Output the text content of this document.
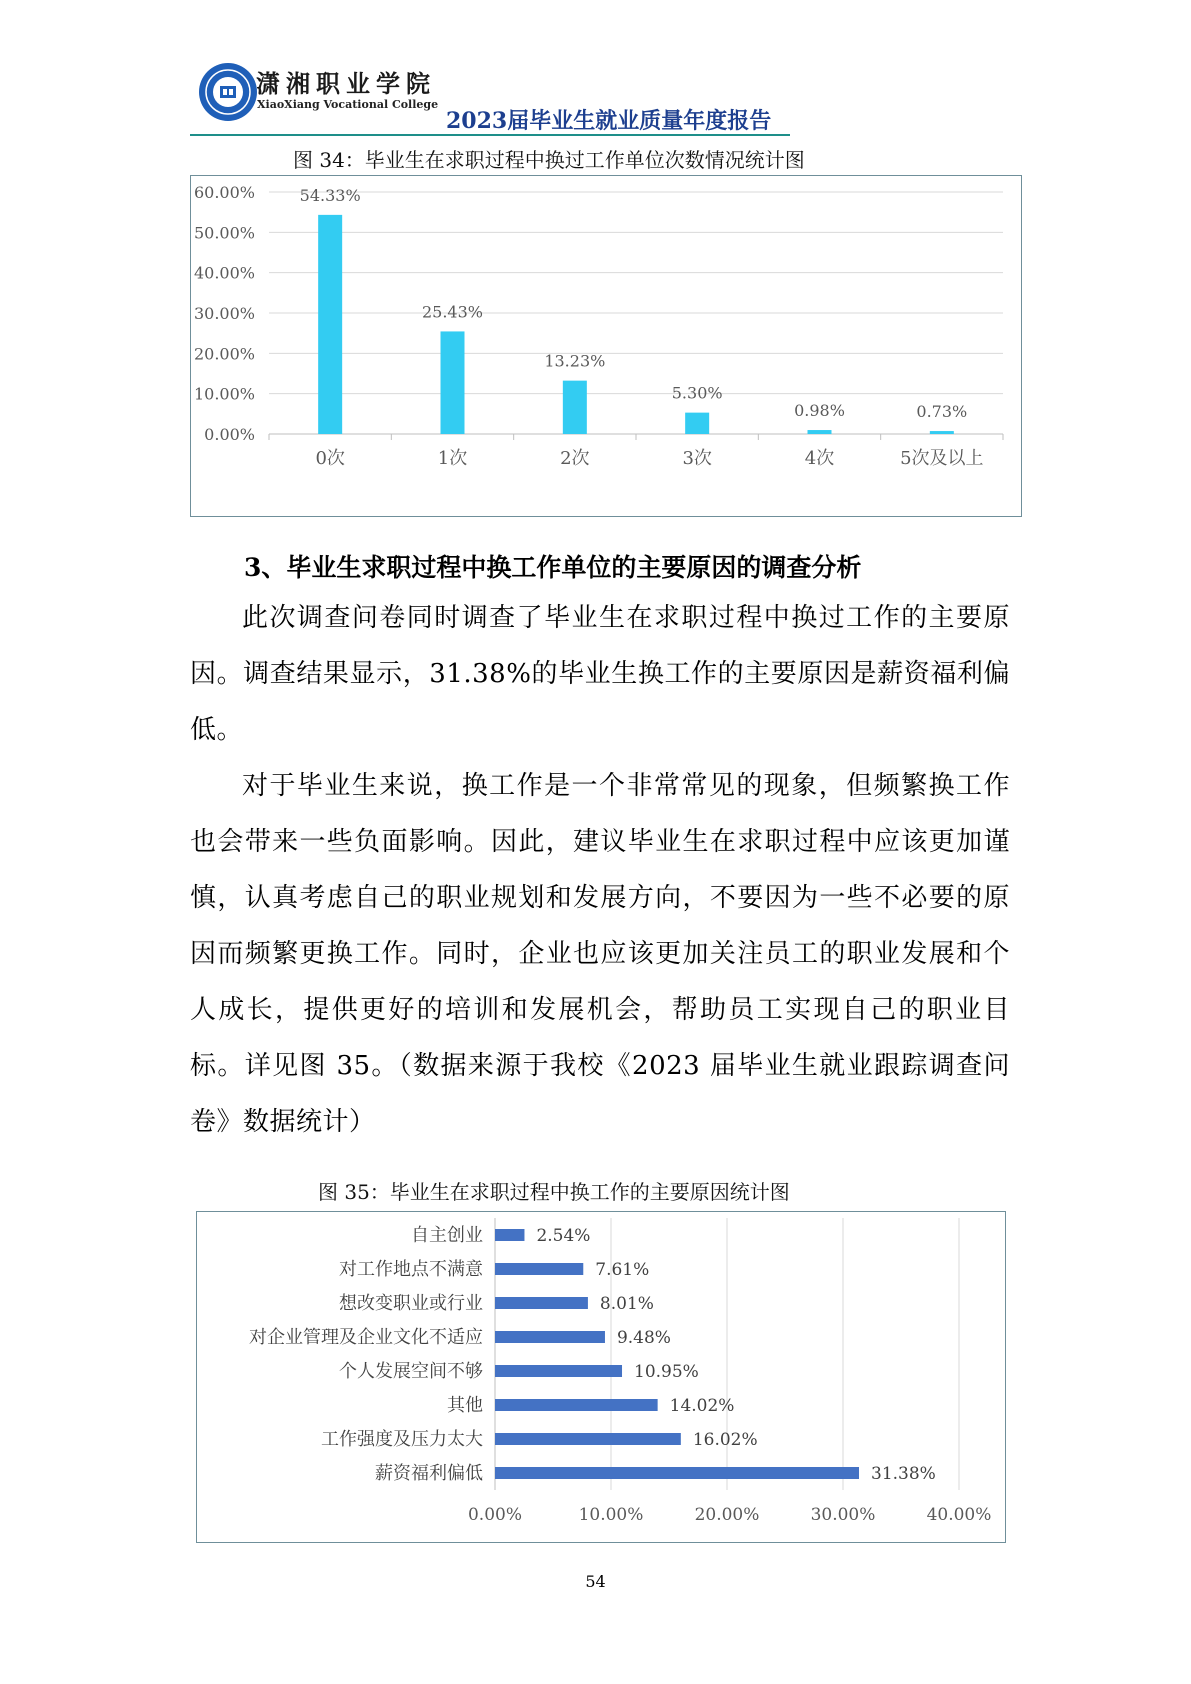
潇湘职业学院
XiaoXiang Vocational College
2023届毕业生就业质量年度报告
图 34：毕业生在求职过程中换过工作单位次数情况统计图
0.00%
10.00%
20.00%
30.00%
40.00%
50.00%
60.00%	54.33%
0次
25.43%
1次
13.23%
2次
5.30%
3次
0.98%
4次
0.73%
5次及以上
3、毕业生求职过程中换工作单位的主要原因的调查分析
此次调查问卷同时调查了毕业生在求职过程中换过工作的主要原因。调查结果显示，31.38%的毕业生换工作的主要原因是薪资福利偏低。
对于毕业生来说，换工作是一个非常常见的现象，但频繁换工作也会带来一些负面影响。因此，建议毕业生在求职过程中应该更加谨慎，认真考虑自己的职业规划和发展方向，不要因为一些不必要的原因而频繁更换工作。同时，企业也应该更加关注员工的职业发展和个人成长，提供更好的培训和发展机会，帮助员工实现自己的职业目标。详见图 35。（数据来源于我校《2023 届毕业生就业跟踪调查问卷》数据统计）
图 35：毕业生在求职过程中换工作的主要原因统计图
0.00%	10.00%	20.00%	30.00%	40.00%
2.54%
自主创业
7.61%
对工作地点不满意
8.01%
想改变职业或行业
9.48%
对企业管理及企业文化不适应
10.95%
个人发展空间不够
14.02%
其他
16.02%
工作强度及压力太大
31.38%
薪资福利偏低
54
